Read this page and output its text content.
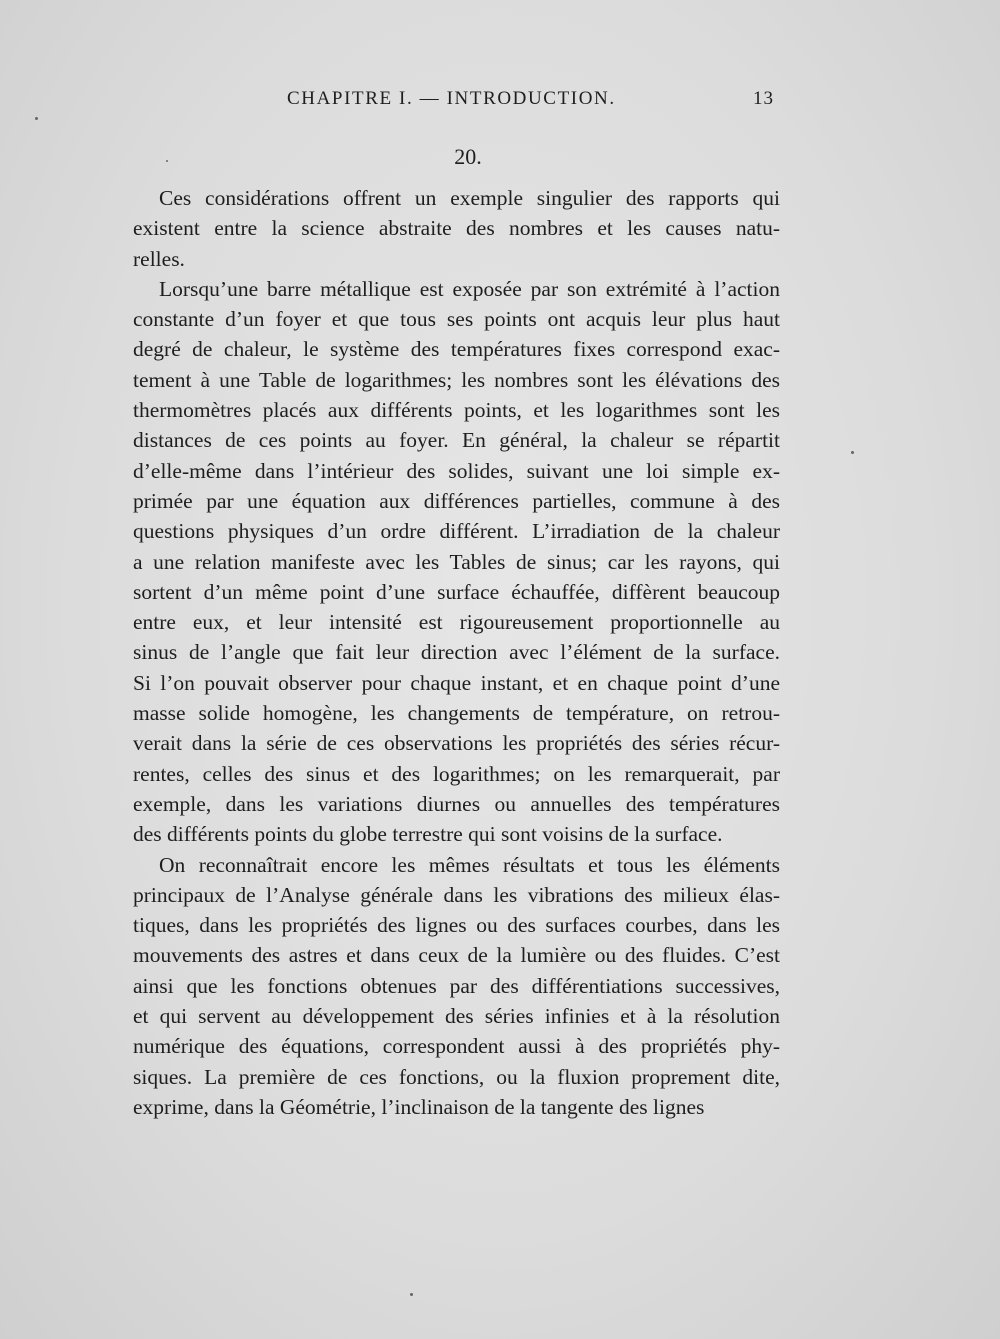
CHAPITRE I. — INTRODUCTION.	13
20.
Ces considérations offrent un exemple singulier des rapports qui
existent entre la science abstraite des nombres et les causes natu-
relles.
Lorsqu’une barre métallique est exposée par son extrémité à l’action
constante d’un foyer et que tous ses points ont acquis leur plus haut
degré de chaleur, le système des températures fixes correspond exac-
tement à une Table de logarithmes; les nombres sont les élévations des
thermomètres placés aux différents points, et les logarithmes sont les
distances de ces points au foyer. En général, la chaleur se répartit
d’elle-même dans l’intérieur des solides, suivant une loi simple ex-
primée par une équation aux différences partielles, commune à des
questions physiques d’un ordre différent. L’irradiation de la chaleur
a une relation manifeste avec les Tables de sinus; car les rayons, qui
sortent d’un même point d’une surface échauffée, diffèrent beaucoup
entre eux, et leur intensité est rigoureusement proportionnelle au
sinus de l’angle que fait leur direction avec l’élément de la surface.
Si l’on pouvait observer pour chaque instant, et en chaque point d’une
masse solide homogène, les changements de température, on retrou-
verait dans la série de ces observations les propriétés des séries récur-
rentes, celles des sinus et des logarithmes; on les remarquerait, par
exemple, dans les variations diurnes ou annuelles des températures
des différents points du globe terrestre qui sont voisins de la surface.
On reconnaîtrait encore les mêmes résultats et tous les éléments
principaux de l’Analyse générale dans les vibrations des milieux élas-
tiques, dans les propriétés des lignes ou des surfaces courbes, dans les
mouvements des astres et dans ceux de la lumière ou des fluides. C’est
ainsi que les fonctions obtenues par des différentiations successives,
et qui servent au développement des séries infinies et à la résolution
numérique des équations, correspondent aussi à des propriétés phy-
siques. La première de ces fonctions, ou la fluxion proprement dite,
exprime, dans la Géométrie, l’inclinaison de la tangente des lignes
